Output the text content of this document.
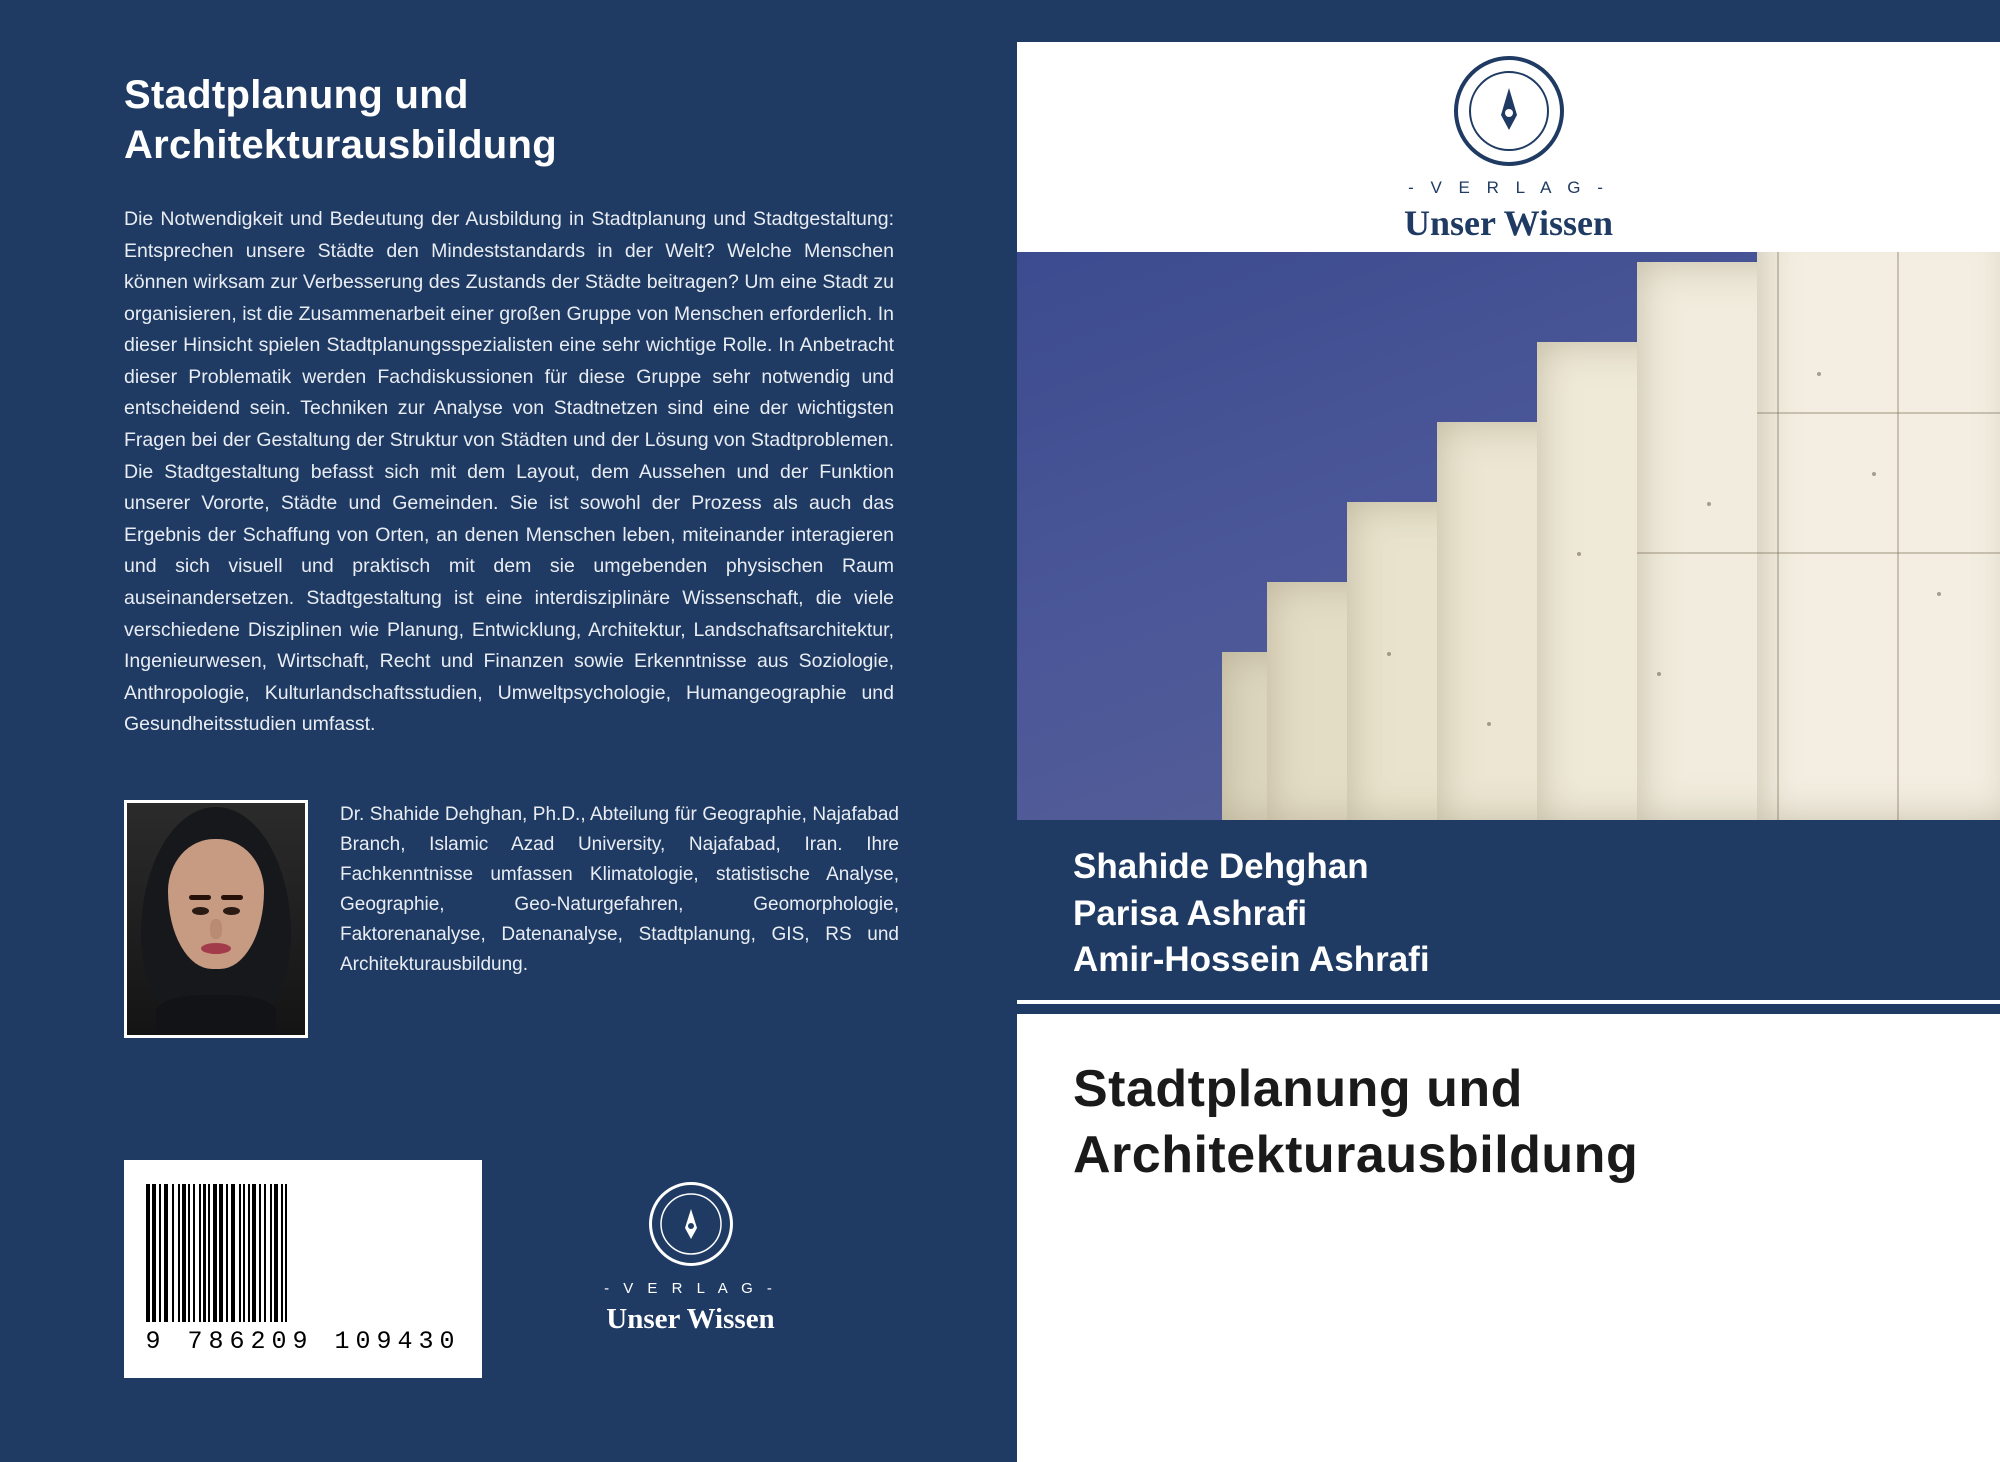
Stadtplanung und Architekturausbildung

Die Notwendigkeit und Bedeutung der Ausbildung in Stadtplanung und Stadtgestaltung: Entsprechen unsere Städte den Mindeststandards in der Welt? Welche Menschen können wirksam zur Verbesserung des Zustands der Städte beitragen? Um eine Stadt zu organisieren, ist die Zusammenarbeit einer großen Gruppe von Menschen erforderlich. In dieser Hinsicht spielen Stadtplanungsspezialisten eine sehr wichtige Rolle. In Anbetracht dieser Problematik werden Fachdiskussionen für diese Gruppe sehr notwendig und entscheidend sein. Techniken zur Analyse von Stadtnetzen sind eine der wichtigsten Fragen bei der Gestaltung der Struktur von Städten und der Lösung von Stadtproblemen. Die Stadtgestaltung befasst sich mit dem Layout, dem Aussehen und der Funktion unserer Vororte, Städte und Gemeinden. Sie ist sowohl der Prozess als auch das Ergebnis der Schaffung von Orten, an denen Menschen leben, miteinander interagieren und sich visuell und praktisch mit dem sie umgebenden physischen Raum auseinandersetzen. Stadtgestaltung ist eine interdisziplinäre Wissenschaft, die viele verschiedene Disziplinen wie Planung, Entwicklung, Architektur, Landschaftsarchitektur, Ingenieurwesen, Wirtschaft, Recht und Finanzen sowie Erkenntnisse aus Soziologie, Anthropologie, Kulturlandschaftsstudien, Umweltpsychologie, Humangeographie und Gesundheitsstudien umfasst.

Dr. Shahide Dehghan, Ph.D., Abteilung für Geographie, Najafabad Branch, Islamic Azad University, Najafabad, Iran. Ihre Fachkenntnisse umfassen Klimatologie, statistische Analyse, Geographie, Geo-Naturgefahren, Geomorphologie, Faktorenanalyse, Datenanalyse, Stadtplanung, GIS, RS und Architekturausbildung.
9 786209 109430
- V E R L A G -
Unser Wissen
- V E R L A G -
Unser Wissen
Shahide Dehghan
Parisa Ashrafi
Amir-Hossein Ashrafi
Stadtplanung und Architekturausbildung
